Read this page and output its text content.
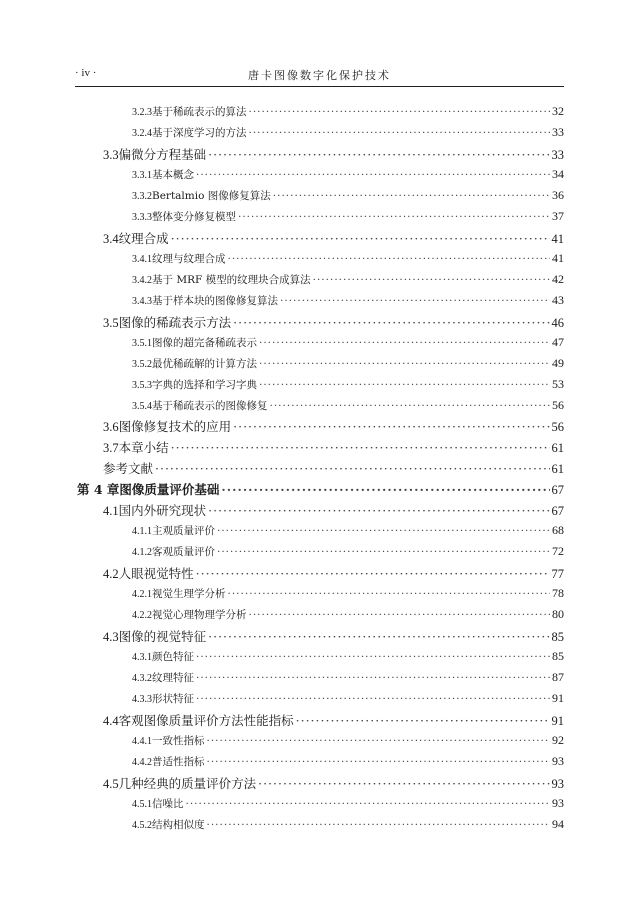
· iv ·	唐卡图像数字化保护技术
3.2.3 基于稀疏表示的算法 ·····	32
3.2.4 基于深度学习的方法 ·····	33
3.3 偏微分方程基础 ·····	33
3.3.1 基本概念 ·····	34
3.3.2 Bertalmio 图像修复算法 ·····	36
3.3.3 整体变分修复模型 ·····	37
3.4 纹理合成 ·····	41
3.4.1 纹理与纹理合成 ·····	41
3.4.2 基于 MRF 模型的纹理块合成算法 ·····	42
3.4.3 基于样本块的图像修复算法 ·····	43
3.5 图像的稀疏表示方法 ·····	46
3.5.1 图像的超完备稀疏表示 ·····	47
3.5.2 最优稀疏解的计算方法 ·····	49
3.5.3 字典的选择和学习字典 ·····	53
3.5.4 基于稀疏表示的图像修复 ·····	56
3.6 图像修复技术的应用 ·····	56
3.7 本章小结 ·····	61
参考文献 ·····	61
第 4 章 图像质量评价基础 ·····	67
4.1 国内外研究现状 ·····	67
4.1.1 主观质量评价 ·····	68
4.1.2 客观质量评价 ·····	72
4.2 人眼视觉特性 ·····	77
4.2.1 视觉生理学分析 ·····	78
4.2.2 视觉心理物理学分析 ·····	80
4.3 图像的视觉特征 ·····	85
4.3.1 颜色特征 ·····	85
4.3.2 纹理特征 ·····	87
4.3.3 形状特征 ·····	91
4.4 客观图像质量评价方法性能指标 ·····	91
4.4.1 一致性指标 ·····	92
4.4.2 普适性指标 ·····	93
4.5 几种经典的质量评价方法 ·····	93
4.5.1 信噪比 ·····	93
4.5.2 结构相似度 ·····	94
